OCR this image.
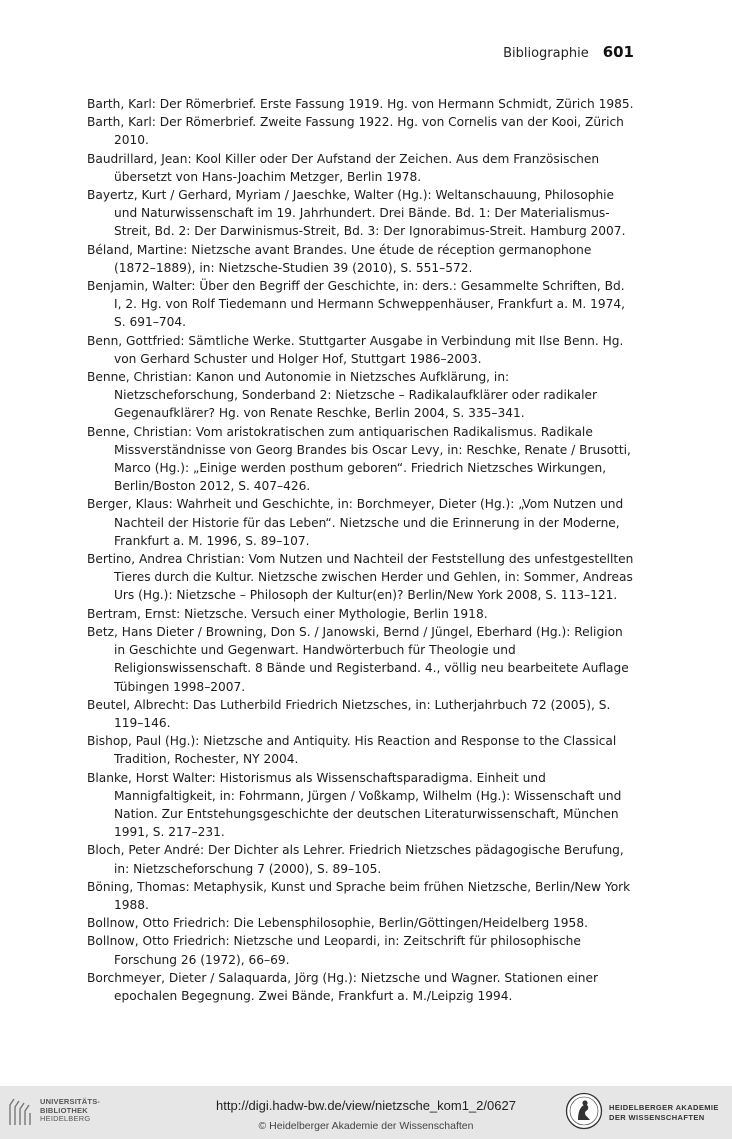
Bibliographie 601

Barth, Karl: Der Römerbrief. Erste Fassung 1919. Hg. von Hermann Schmidt, Zürich 1985.

Barth, Karl: Der Römerbrief. Zweite Fassung 1922. Hg. von Cornelis van der Kooi, Zürich 2010.

Baudrillard, Jean: Kool Killer oder Der Aufstand der Zeichen. Aus dem Französischen übersetzt von Hans-Joachim Metzger, Berlin 1978.

Bayertz, Kurt / Gerhard, Myriam / Jaeschke, Walter (Hg.): Weltanschauung, Philosophie und Naturwissenschaft im 19. Jahrhundert. Drei Bände. Bd. 1: Der Materialismus-Streit, Bd. 2: Der Darwinismus-Streit, Bd. 3: Der Ignorabimus-Streit. Hamburg 2007.

Béland, Martine: Nietzsche avant Brandes. Une étude de réception germanophone (1872–1889), in: Nietzsche-Studien 39 (2010), S. 551–572.

Benjamin, Walter: Über den Begriff der Geschichte, in: ders.: Gesammelte Schriften, Bd. I, 2. Hg. von Rolf Tiedemann und Hermann Schweppenhäuser, Frankfurt a. M. 1974, S. 691–704.

Benn, Gottfried: Sämtliche Werke. Stuttgarter Ausgabe in Verbindung mit Ilse Benn. Hg. von Gerhard Schuster und Holger Hof, Stuttgart 1986–2003.

Benne, Christian: Kanon und Autonomie in Nietzsches Aufklärung, in: Nietzscheforschung, Sonderband 2: Nietzsche – Radikalaufklärer oder radikaler Gegenaufklärer? Hg. von Renate Reschke, Berlin 2004, S. 335–341.

Benne, Christian: Vom aristokratischen zum antiquarischen Radikalismus. Radikale Missverständnisse von Georg Brandes bis Oscar Levy, in: Reschke, Renate / Brusotti, Marco (Hg.): „Einige werden posthum geboren“. Friedrich Nietzsches Wirkungen, Berlin/Boston 2012, S. 407–426.

Berger, Klaus: Wahrheit und Geschichte, in: Borchmeyer, Dieter (Hg.): „Vom Nutzen und Nachteil der Historie für das Leben“. Nietzsche und die Erinnerung in der Moderne, Frankfurt a. M. 1996, S. 89–107.

Bertino, Andrea Christian: Vom Nutzen und Nachteil der Feststellung des unfestgestellten Tieres durch die Kultur. Nietzsche zwischen Herder und Gehlen, in: Sommer, Andreas Urs (Hg.): Nietzsche – Philosoph der Kultur(en)? Berlin/New York 2008, S. 113–121.

Bertram, Ernst: Nietzsche. Versuch einer Mythologie, Berlin 1918.

Betz, Hans Dieter / Browning, Don S. / Janowski, Bernd / Jüngel, Eberhard (Hg.): Religion in Geschichte und Gegenwart. Handwörterbuch für Theologie und Religionswissenschaft. 8 Bände und Registerband. 4., völlig neu bearbeitete Auflage Tübingen 1998–2007.

Beutel, Albrecht: Das Lutherbild Friedrich Nietzsches, in: Lutherjahrbuch 72 (2005), S. 119–146.

Bishop, Paul (Hg.): Nietzsche and Antiquity. His Reaction and Response to the Classical Tradition, Rochester, NY 2004.

Blanke, Horst Walter: Historismus als Wissenschaftsparadigma. Einheit und Mannigfaltigkeit, in: Fohrmann, Jürgen / Voßkamp, Wilhelm (Hg.): Wissenschaft und Nation. Zur Entstehungsgeschichte der deutschen Literaturwissenschaft, München 1991, S. 217–231.

Bloch, Peter André: Der Dichter als Lehrer. Friedrich Nietzsches pädagogische Berufung, in: Nietzscheforschung 7 (2000), S. 89–105.

Böning, Thomas: Metaphysik, Kunst und Sprache beim frühen Nietzsche, Berlin/New York 1988.

Bollnow, Otto Friedrich: Die Lebensphilosophie, Berlin/Göttingen/Heidelberg 1958.

Bollnow, Otto Friedrich: Nietzsche und Leopardi, in: Zeitschrift für philosophische Forschung 26 (1972), 66–69.

Borchmeyer, Dieter / Salaquarda, Jörg (Hg.): Nietzsche und Wagner. Stationen einer epochalen Begegnung. Zwei Bände, Frankfurt a. M./Leipzig 1994.

UNIVERSITÄTS-
BIBLIOTHEK
HEIDELBERG
http://digi.hadw-bw.de/view/nietzsche_kom1_2/0627
© Heidelberger Akademie der Wissenschaften
HEIDELBERGER AKADEMIE
DER WISSENSCHAFTEN
